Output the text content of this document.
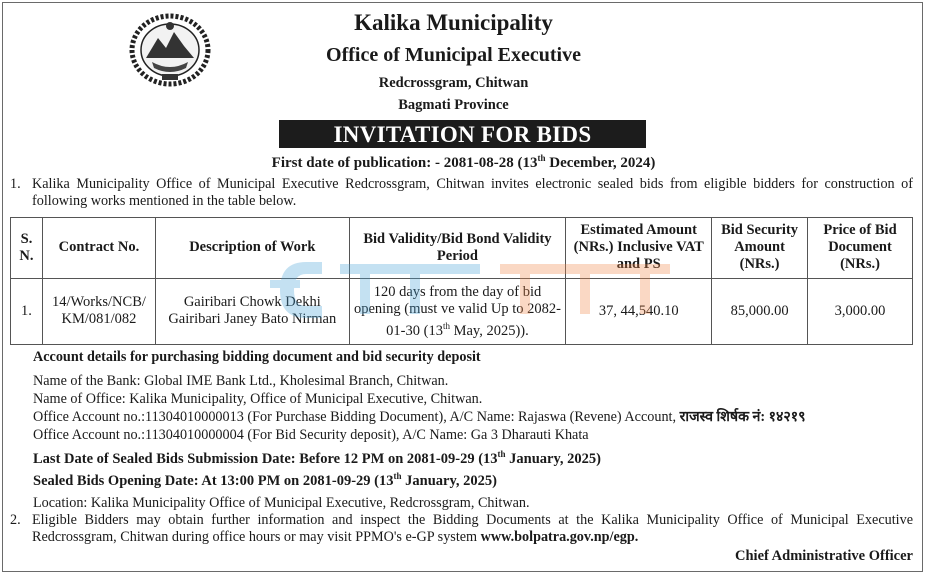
Kalika Municipality
Office of Municipal Executive
Redcrossgram, Chitwan
Bagmati Province
INVITATION FOR BIDS
First date of publication: - 2081-08-28 (13th December, 2024)
1. Kalika Municipality Office of Municipal Executive Redcrossgram, Chitwan invites electronic sealed bids from eligible bidders for construction of following works mentioned in the table below.
S. N.	Contract No.	Description of Work	Bid Validity/Bid Bond Validity Period	Estimated Amount (NRs.) Inclusive VAT and PS	Bid Security Amount (NRs.)	Price of Bid Document (NRs.)
1.	14/Works/NCB/ KM/081/082	Gairibari Chowk Dekhi Gairibari Janey Bato Nirman	120 days from the day of bid opening (must ve valid Up to 2082-01-30 (13th May, 2025)).	37, 44,540.10	85,000.00	3,000.00
Account details for purchasing bidding document and bid security deposit
Name of the Bank: Global IME Bank Ltd., Kholesimal Branch, Chitwan.
Name of Office: Kalika Municipality, Office of Municipal Executive, Chitwan.
Office Account no.:11304010000013 (For Purchase Bidding Document), A/C Name: Rajaswa (Revene) Account, राजस्व शिर्षक नं: १४२१९
Office Account no.:11304010000004 (For Bid Security deposit), A/C Name: Ga 3 Dharauti Khata
Last Date of Sealed Bids Submission Date: Before 12 PM on 2081-09-29 (13th January, 2025)
Sealed Bids Opening Date: At 13:00 PM on 2081-09-29 (13th January, 2025)
Location: Kalika Municipality Office of Municipal Executive, Redcrossgram, Chitwan.
2. Eligible Bidders may obtain further information and inspect the Bidding Documents at the Kalika Municipality Office of Municipal Executive Redcrossgram, Chitwan during office hours or may visit PPMO's e-GP system www.bolpatra.gov.np/egp.
Chief Administrative Officer
